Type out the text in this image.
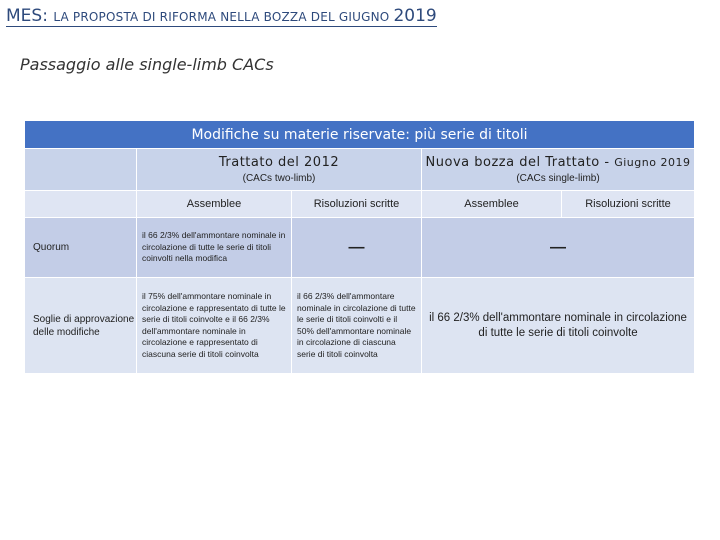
MES: LA PROPOSTA DI RIFORMA NELLA BOZZA DEL GIUGNO 2019
Passaggio alle single-limb CACs
Modifiche su materie riservate: più serie di titoli				

	Trattato del 2012
(CACs two-limb)		Nuova bozza del Trattato - Giugno 2019
(CACs single-limb)	

	Assemblee	Risoluzioni scritte	Assemblee	Risoluzioni scritte
Quorum	il 66 2/3% dell'ammontare nominale in circolazione di tutte le serie di titoli coinvolti nella modifica	—	—	
Soglie di approvazione delle modifiche	il 75% dell'ammontare nominale in circolazione e rappresentato di tutte le serie di titoli coinvolte e il 66 2/3% dell'ammontare nominale in circolazione e rappresentato di ciascuna serie di titoli coinvolta	il 66 2/3% dell'ammontare nominale in circolazione di tutte le serie di titoli coinvolti e il 50% dell'ammontare nominale in circolazione di ciascuna serie di titoli coinvolta	il 66 2/3% dell'ammontare nominale in circolazione di tutte le serie di titoli coinvolte	
